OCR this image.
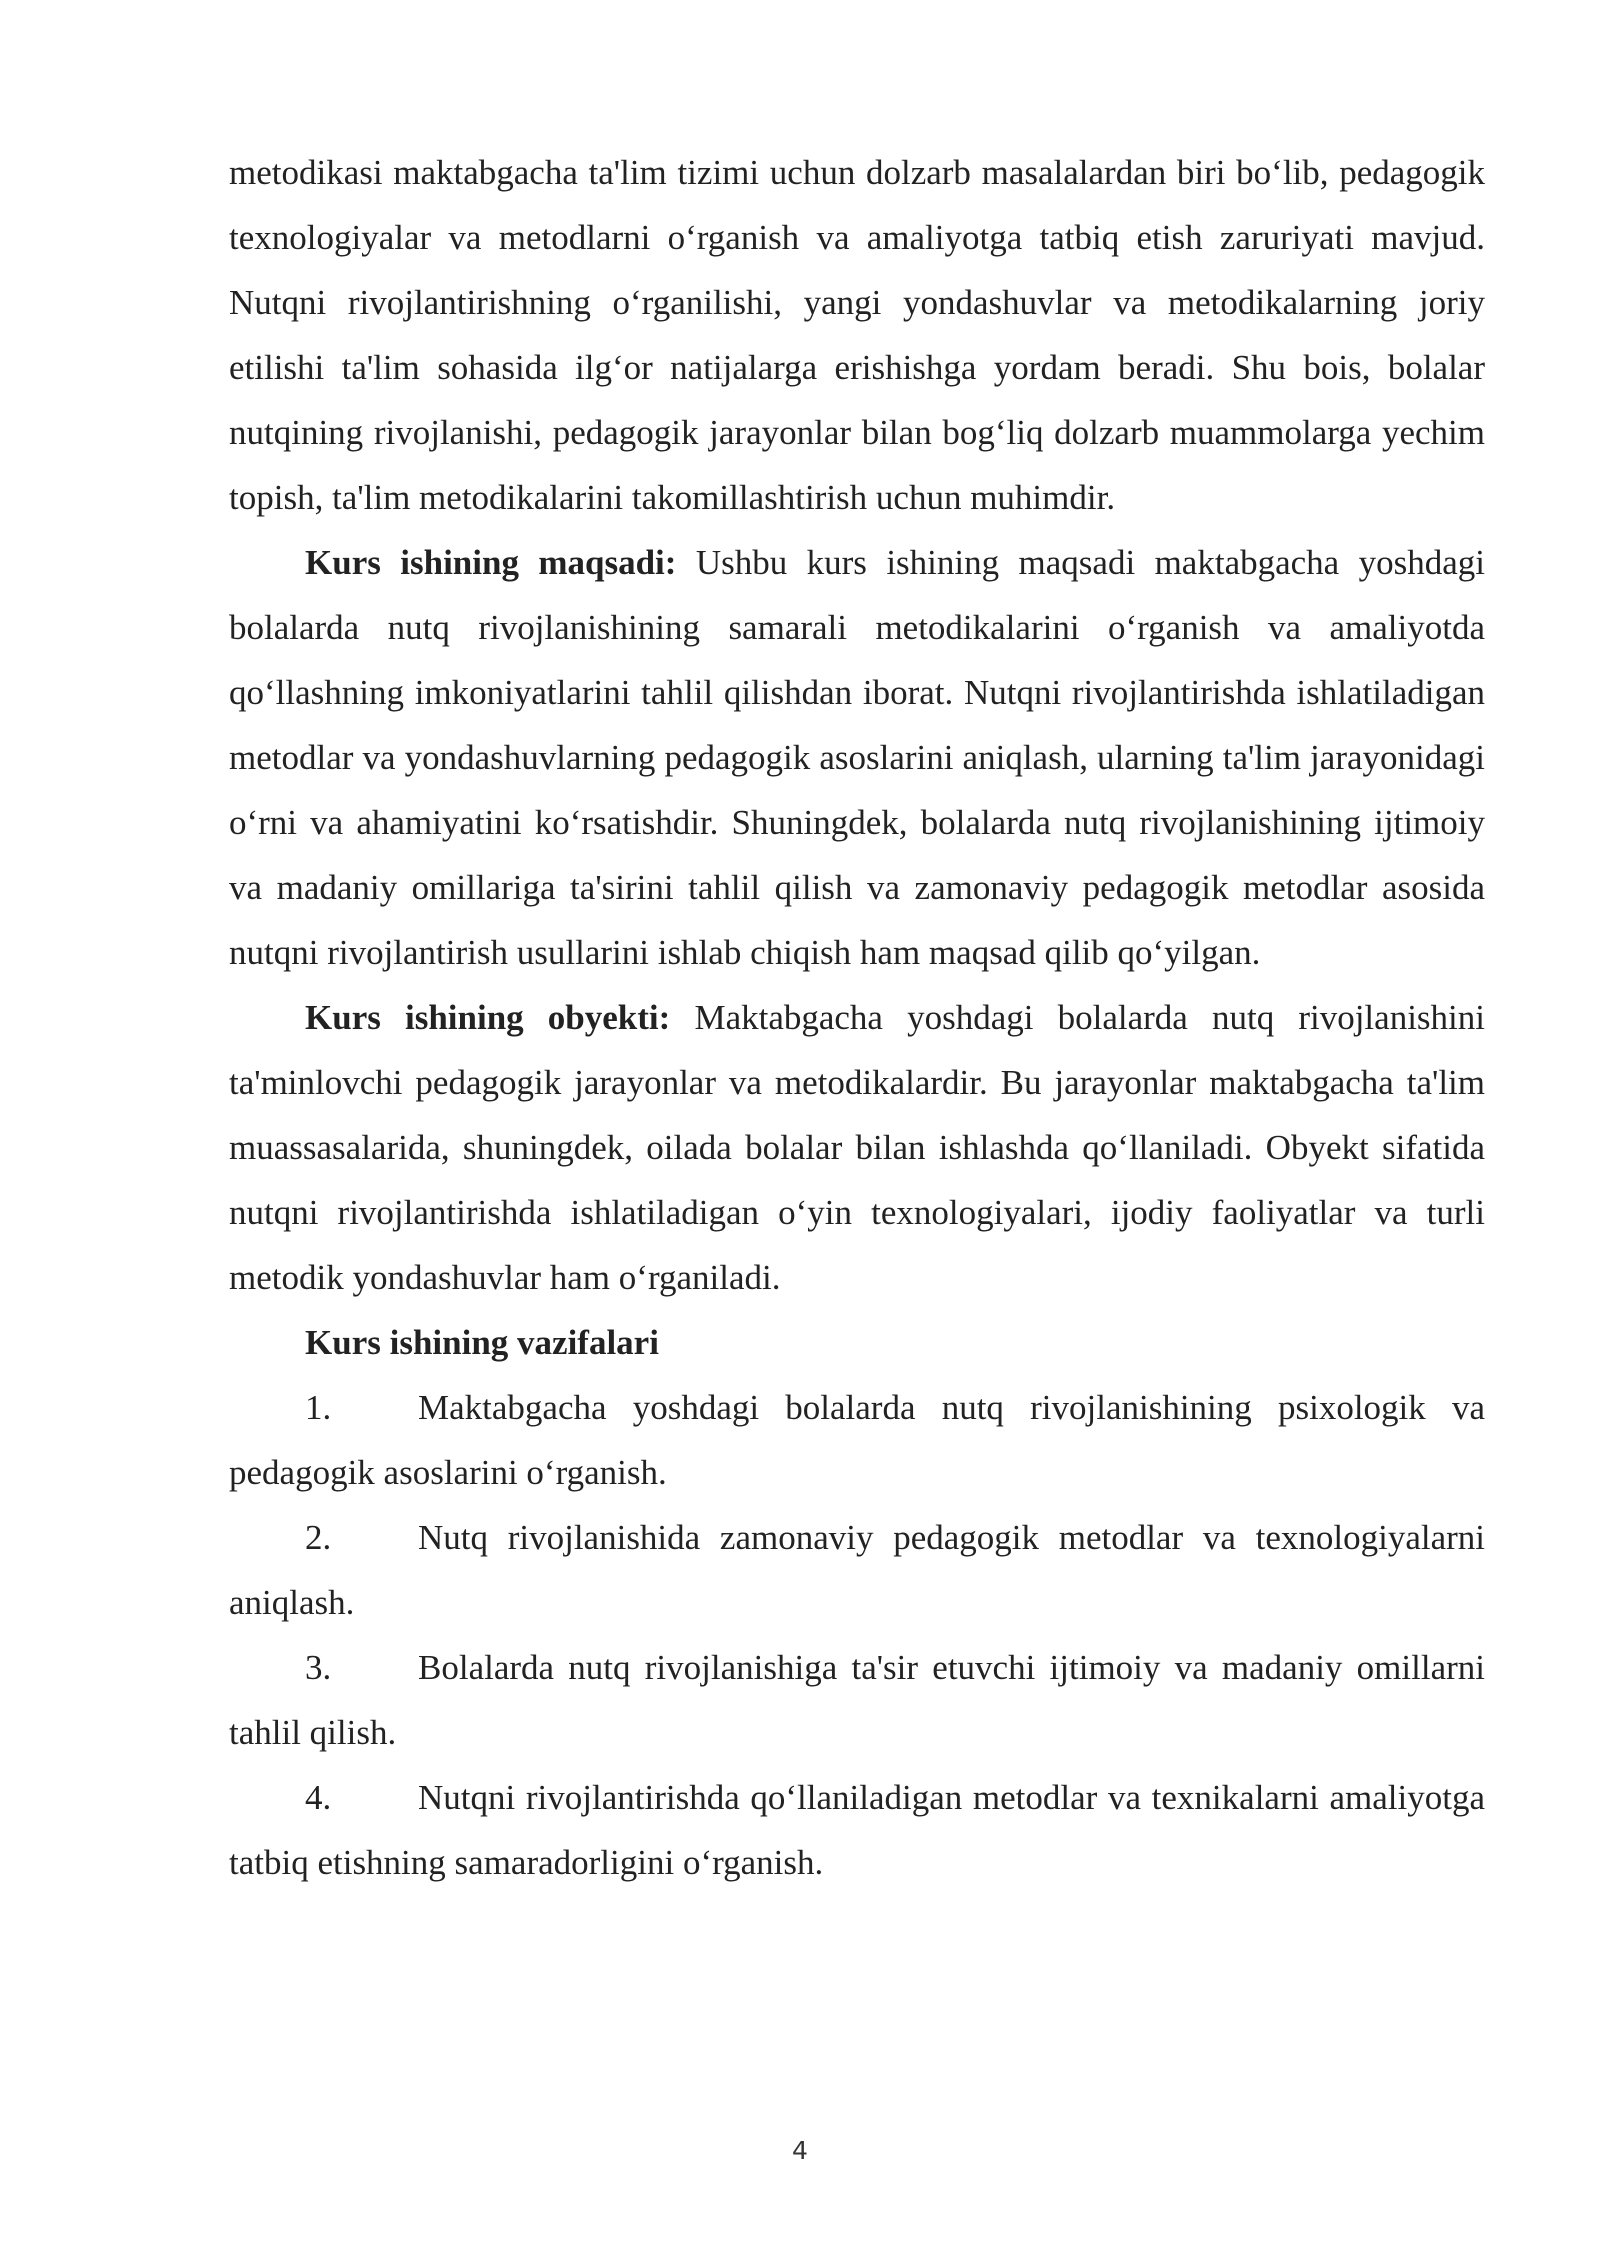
metodikasi maktabgacha ta'lim tizimi uchun dolzarb masalalardan biri bo‘lib, pedagogik texnologiyalar va metodlarni o‘rganish va amaliyotga tatbiq etish zaruriyati mavjud. Nutqni rivojlantirishning o‘rganilishi, yangi yondashuvlar va metodikalarning joriy etilishi ta'lim sohasida ilg‘or natijalarga erishishga yordam beradi. Shu bois, bolalar nutqining rivojlanishi, pedagogik jarayonlar bilan bog‘liq dolzarb muammolarga yechim topish, ta'lim metodikalarini takomillashtirish uchun muhimdir.

Kurs ishining maqsadi: Ushbu kurs ishining maqsadi maktabgacha yoshdagi bolalarda nutq rivojlanishining samarali metodikalarini o‘rganish va amaliyotda qo‘llashning imkoniyatlarini tahlil qilishdan iborat. Nutqni rivojlantirishda ishlatiladigan metodlar va yondashuvlarning pedagogik asoslarini aniqlash, ularning ta'lim jarayonidagi o‘rni va ahamiyatini ko‘rsatishdir. Shuningdek, bolalarda nutq rivojlanishining ijtimoiy va madaniy omillariga ta'sirini tahlil qilish va zamonaviy pedagogik metodlar asosida nutqni rivojlantirish usullarini ishlab chiqish ham maqsad qilib qo‘yilgan.

Kurs ishining obyekti: Maktabgacha yoshdagi bolalarda nutq rivojlanishini ta'minlovchi pedagogik jarayonlar va metodikalardir. Bu jarayonlar maktabgacha ta'lim muassasalarida, shuningdek, oilada bolalar bilan ishlashda qo‘llaniladi. Obyekt sifatida nutqni rivojlantirishda ishlatiladigan o‘yin texnologiyalari, ijodiy faoliyatlar va turli metodik yondashuvlar ham o‘rganiladi.

Kurs ishining vazifalari

1. Maktabgacha yoshdagi bolalarda nutq rivojlanishining psixologik va pedagogik asoslarini o‘rganish.

2. Nutq rivojlanishida zamonaviy pedagogik metodlar va texnologiyalarni aniqlash.

3. Bolalarda nutq rivojlanishiga ta'sir etuvchi ijtimoiy va madaniy omillarni tahlil qilish.

4. Nutqni rivojlantirishda qo‘llaniladigan metodlar va texnikalarni amaliyotga tatbiq etishning samaradorligini o‘rganish.

4
